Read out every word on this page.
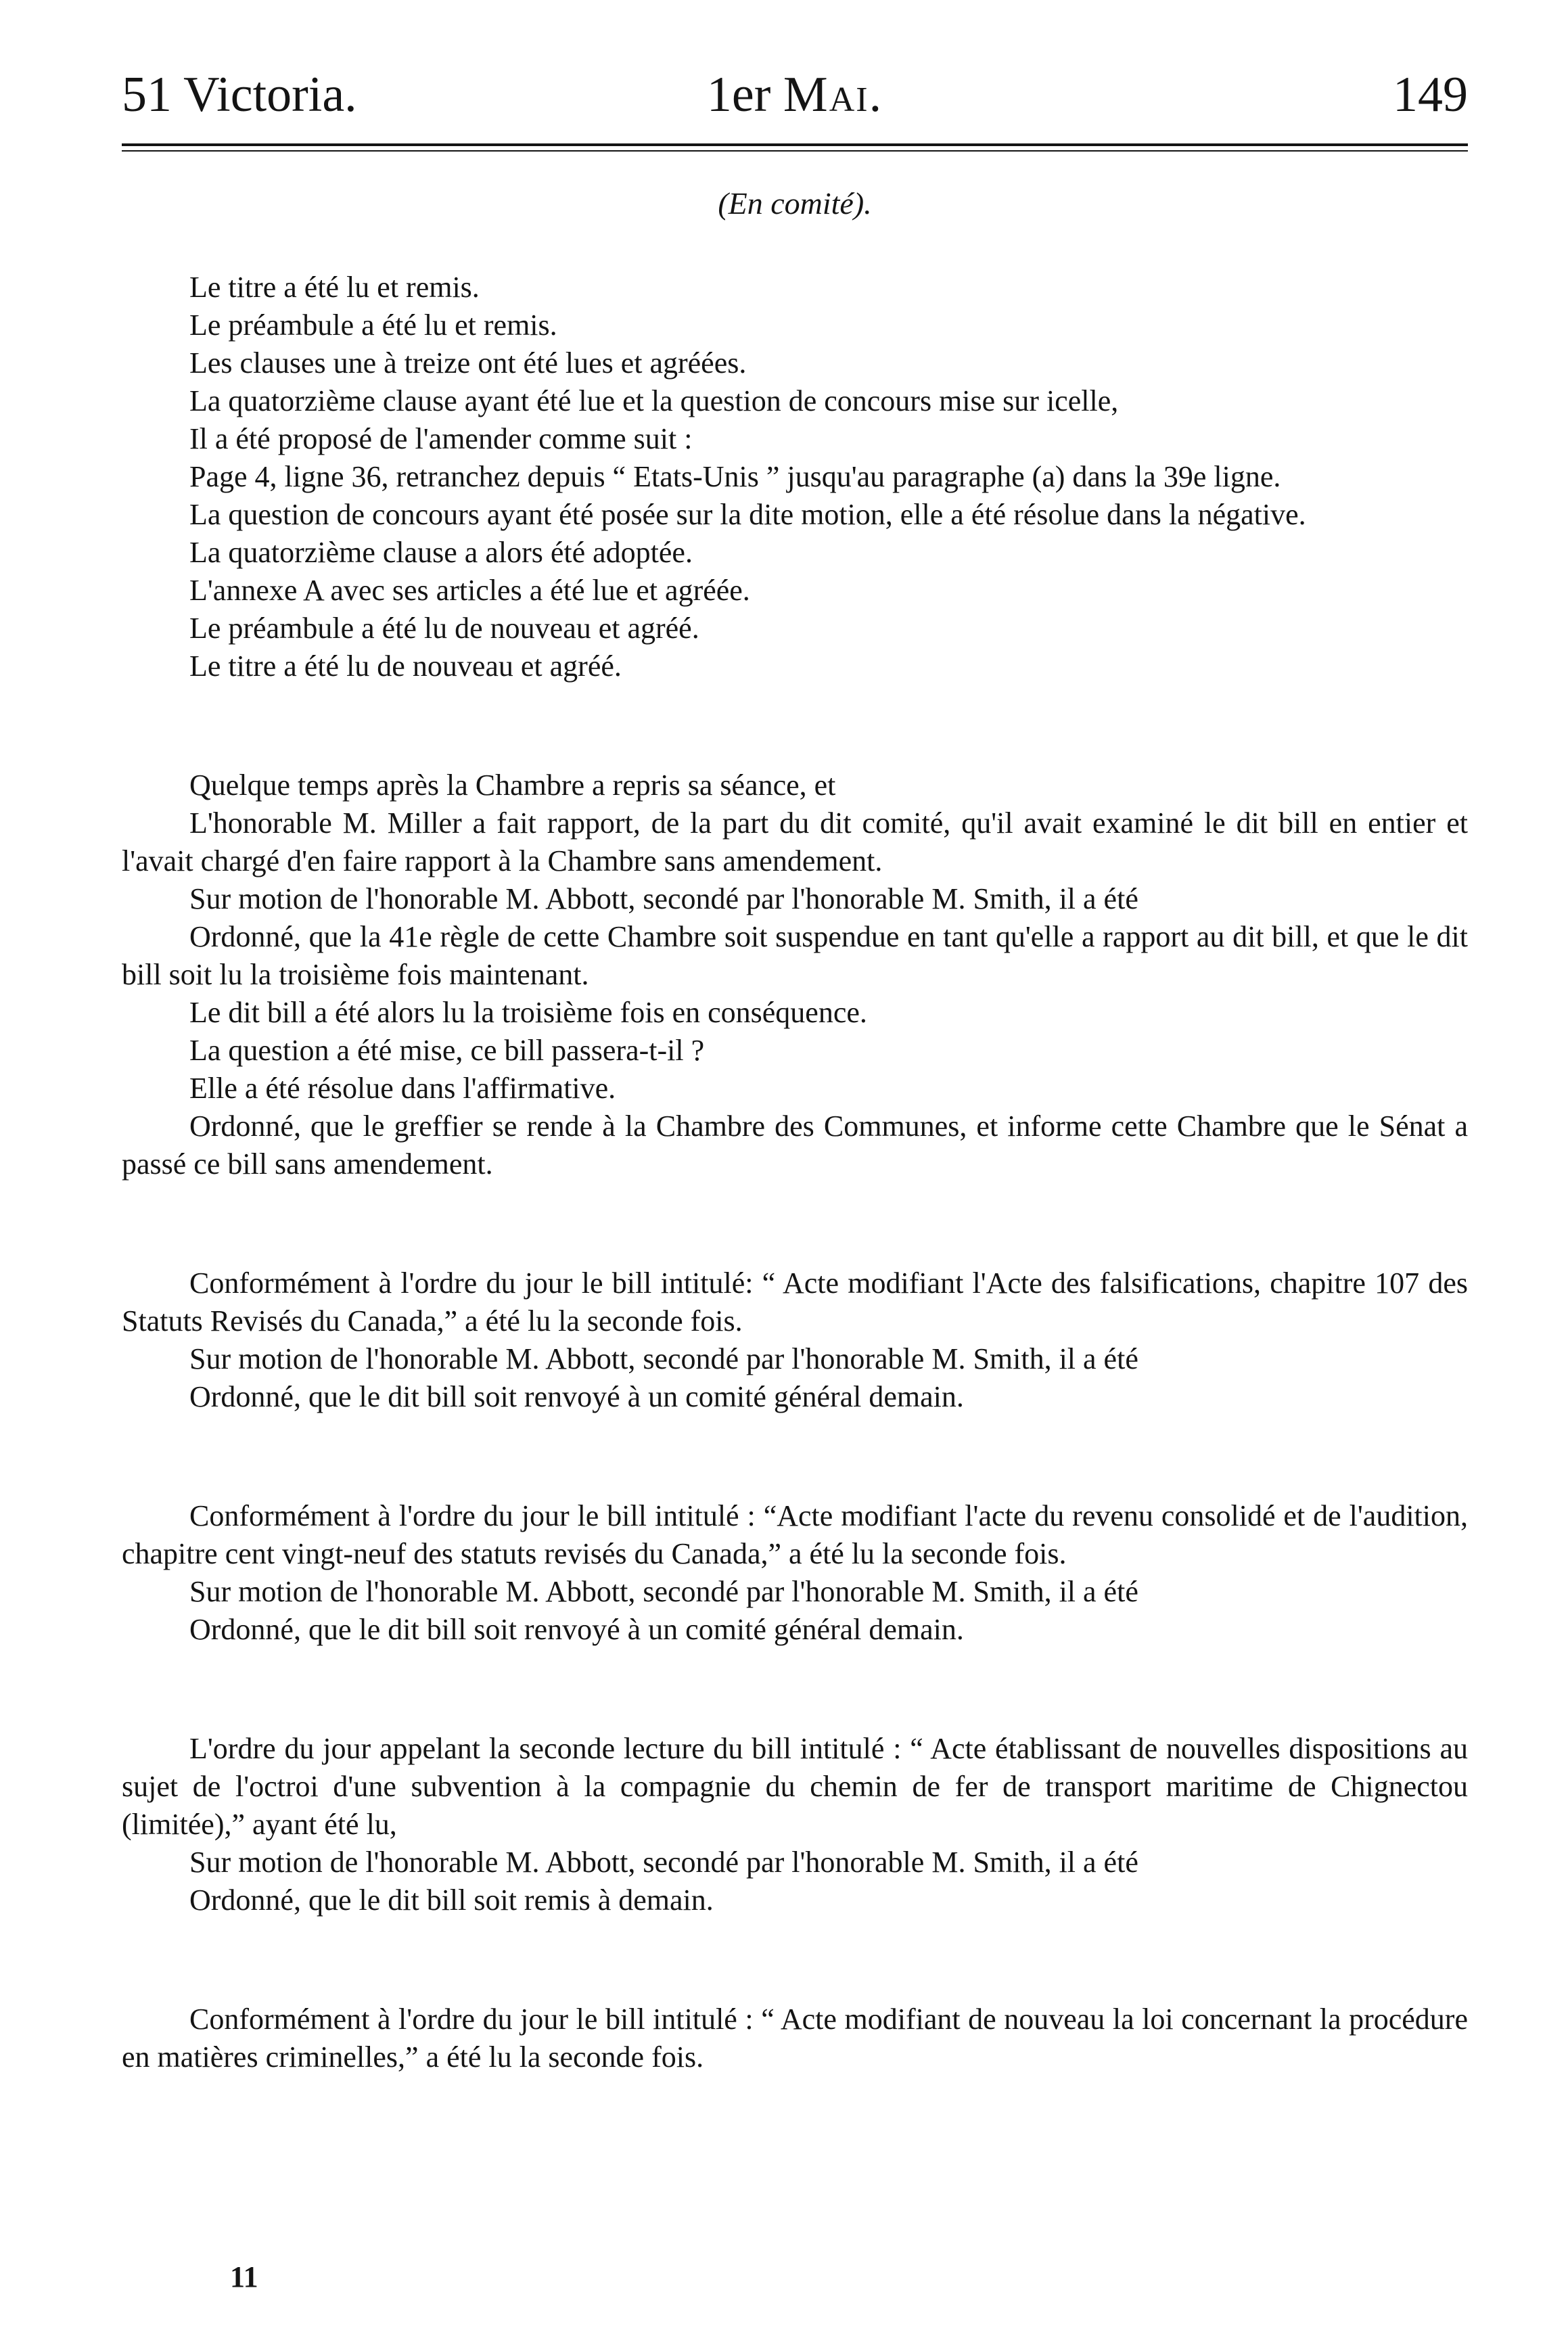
51 Victoria.	1er Mai.	149
(En comité).

Le titre a été lu et remis.

Le préambule a été lu et remis.

Les clauses une à treize ont été lues et agréées.

La quatorzième clause ayant été lue et la question de concours mise sur icelle,

Il a été proposé de l'amender comme suit :

Page 4, ligne 36, retranchez depuis “ Etats-Unis ” jusqu'au paragraphe (a) dans la 39e ligne.

La question de concours ayant été posée sur la dite motion, elle a été résolue dans la négative.

La quatorzième clause a alors été adoptée.

L'annexe A avec ses articles a été lue et agréée.

Le préambule a été lu de nouveau et agréé.

Le titre a été lu de nouveau et agréé.

Quelque temps après la Chambre a repris sa séance, et

L'honorable M. Miller a fait rapport, de la part du dit comité, qu'il avait examiné le dit bill en entier et l'avait chargé d'en faire rapport à la Chambre sans amendement.

Sur motion de l'honorable M. Abbott, secondé par l'honorable M. Smith, il a été

Ordonné, que la 41e règle de cette Chambre soit suspendue en tant qu'elle a rapport au dit bill, et que le dit bill soit lu la troisième fois maintenant.

Le dit bill a été alors lu la troisième fois en conséquence.

La question a été mise, ce bill passera-t-il ?

Elle a été résolue dans l'affirmative.

Ordonné, que le greffier se rende à la Chambre des Communes, et informe cette Chambre que le Sénat a passé ce bill sans amendement.

Conformément à l'ordre du jour le bill intitulé: “ Acte modifiant l'Acte des falsifications, chapitre 107 des Statuts Revisés du Canada,” a été lu la seconde fois.

Sur motion de l'honorable M. Abbott, secondé par l'honorable M. Smith, il a été

Ordonné, que le dit bill soit renvoyé à un comité général demain.

Conformément à l'ordre du jour le bill intitulé : “Acte modifiant l'acte du revenu consolidé et de l'audition, chapitre cent vingt-neuf des statuts revisés du Canada,” a été lu la seconde fois.

Sur motion de l'honorable M. Abbott, secondé par l'honorable M. Smith, il a été

Ordonné, que le dit bill soit renvoyé à un comité général demain.

L'ordre du jour appelant la seconde lecture du bill intitulé : “ Acte établissant de nouvelles dispositions au sujet de l'octroi d'une subvention à la compagnie du chemin de fer de transport maritime de Chignectou (limitée),” ayant été lu,

Sur motion de l'honorable M. Abbott, secondé par l'honorable M. Smith, il a été

Ordonné, que le dit bill soit remis à demain.

Conformément à l'ordre du jour le bill intitulé : “ Acte modifiant de nouveau la loi concernant la procédure en matières criminelles,” a été lu la seconde fois.

11
